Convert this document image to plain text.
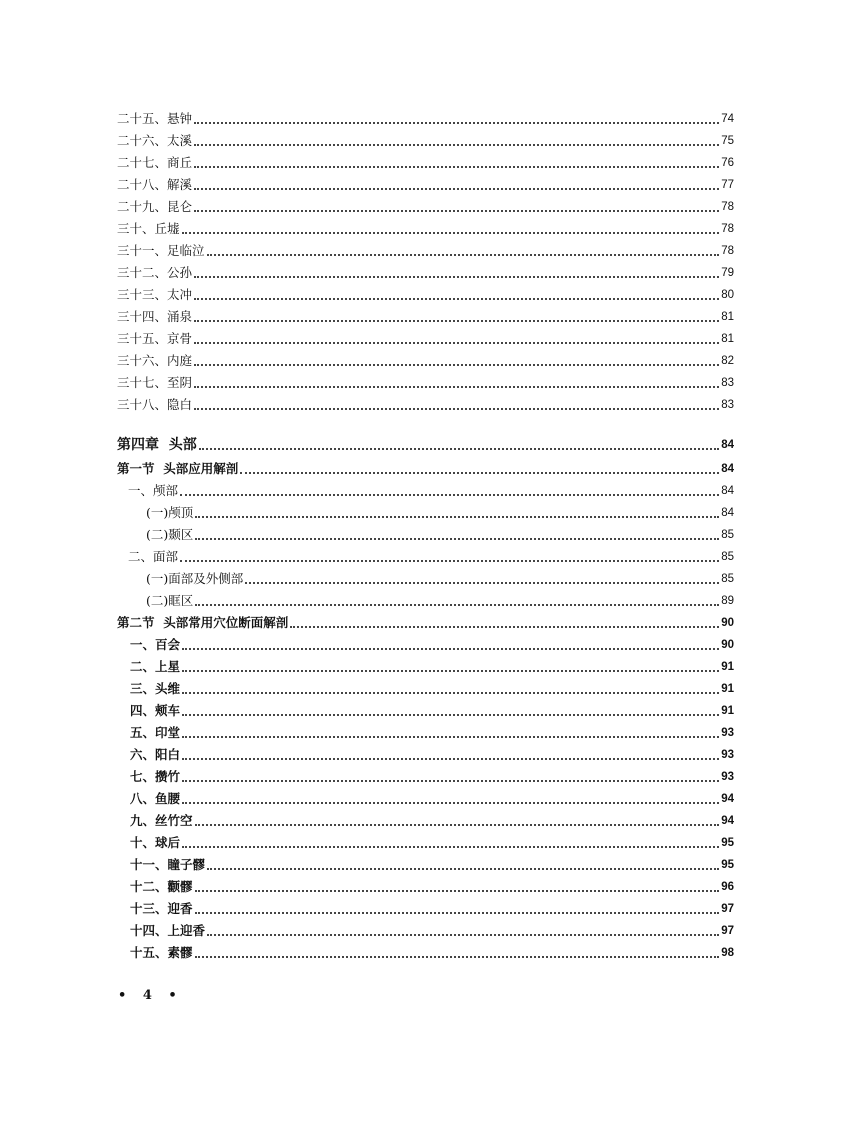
二十五、悬钟	74
二十六、太溪	75
二十七、商丘	76
二十八、解溪	77
二十九、昆仑	78
三十、丘墟	78
三十一、足临泣	78
三十二、公孙	79
三十三、太冲	80
三十四、涌泉	81
三十五、京骨	81
三十六、内庭	82
三十七、至阴	83
三十八、隐白	83
第四章  头部	84
第一节  头部应用解剖	84
一、颅部	84
(一)颅顶	84
(二)颞区	85
二、面部	85
(一)面部及外侧部	85
(二)眶区	89
第二节  头部常用穴位断面解剖	90
一、百会	90
二、上星	91
三、头维	91
四、颊车	91
五、印堂	93
六、阳白	93
七、攒竹	93
八、鱼腰	94
九、丝竹空	94
十、球后	95
十一、瞳子髎	95
十二、颧髎	96
十三、迎香	97
十四、上迎香	97
十五、素髎	98
• 4 •
